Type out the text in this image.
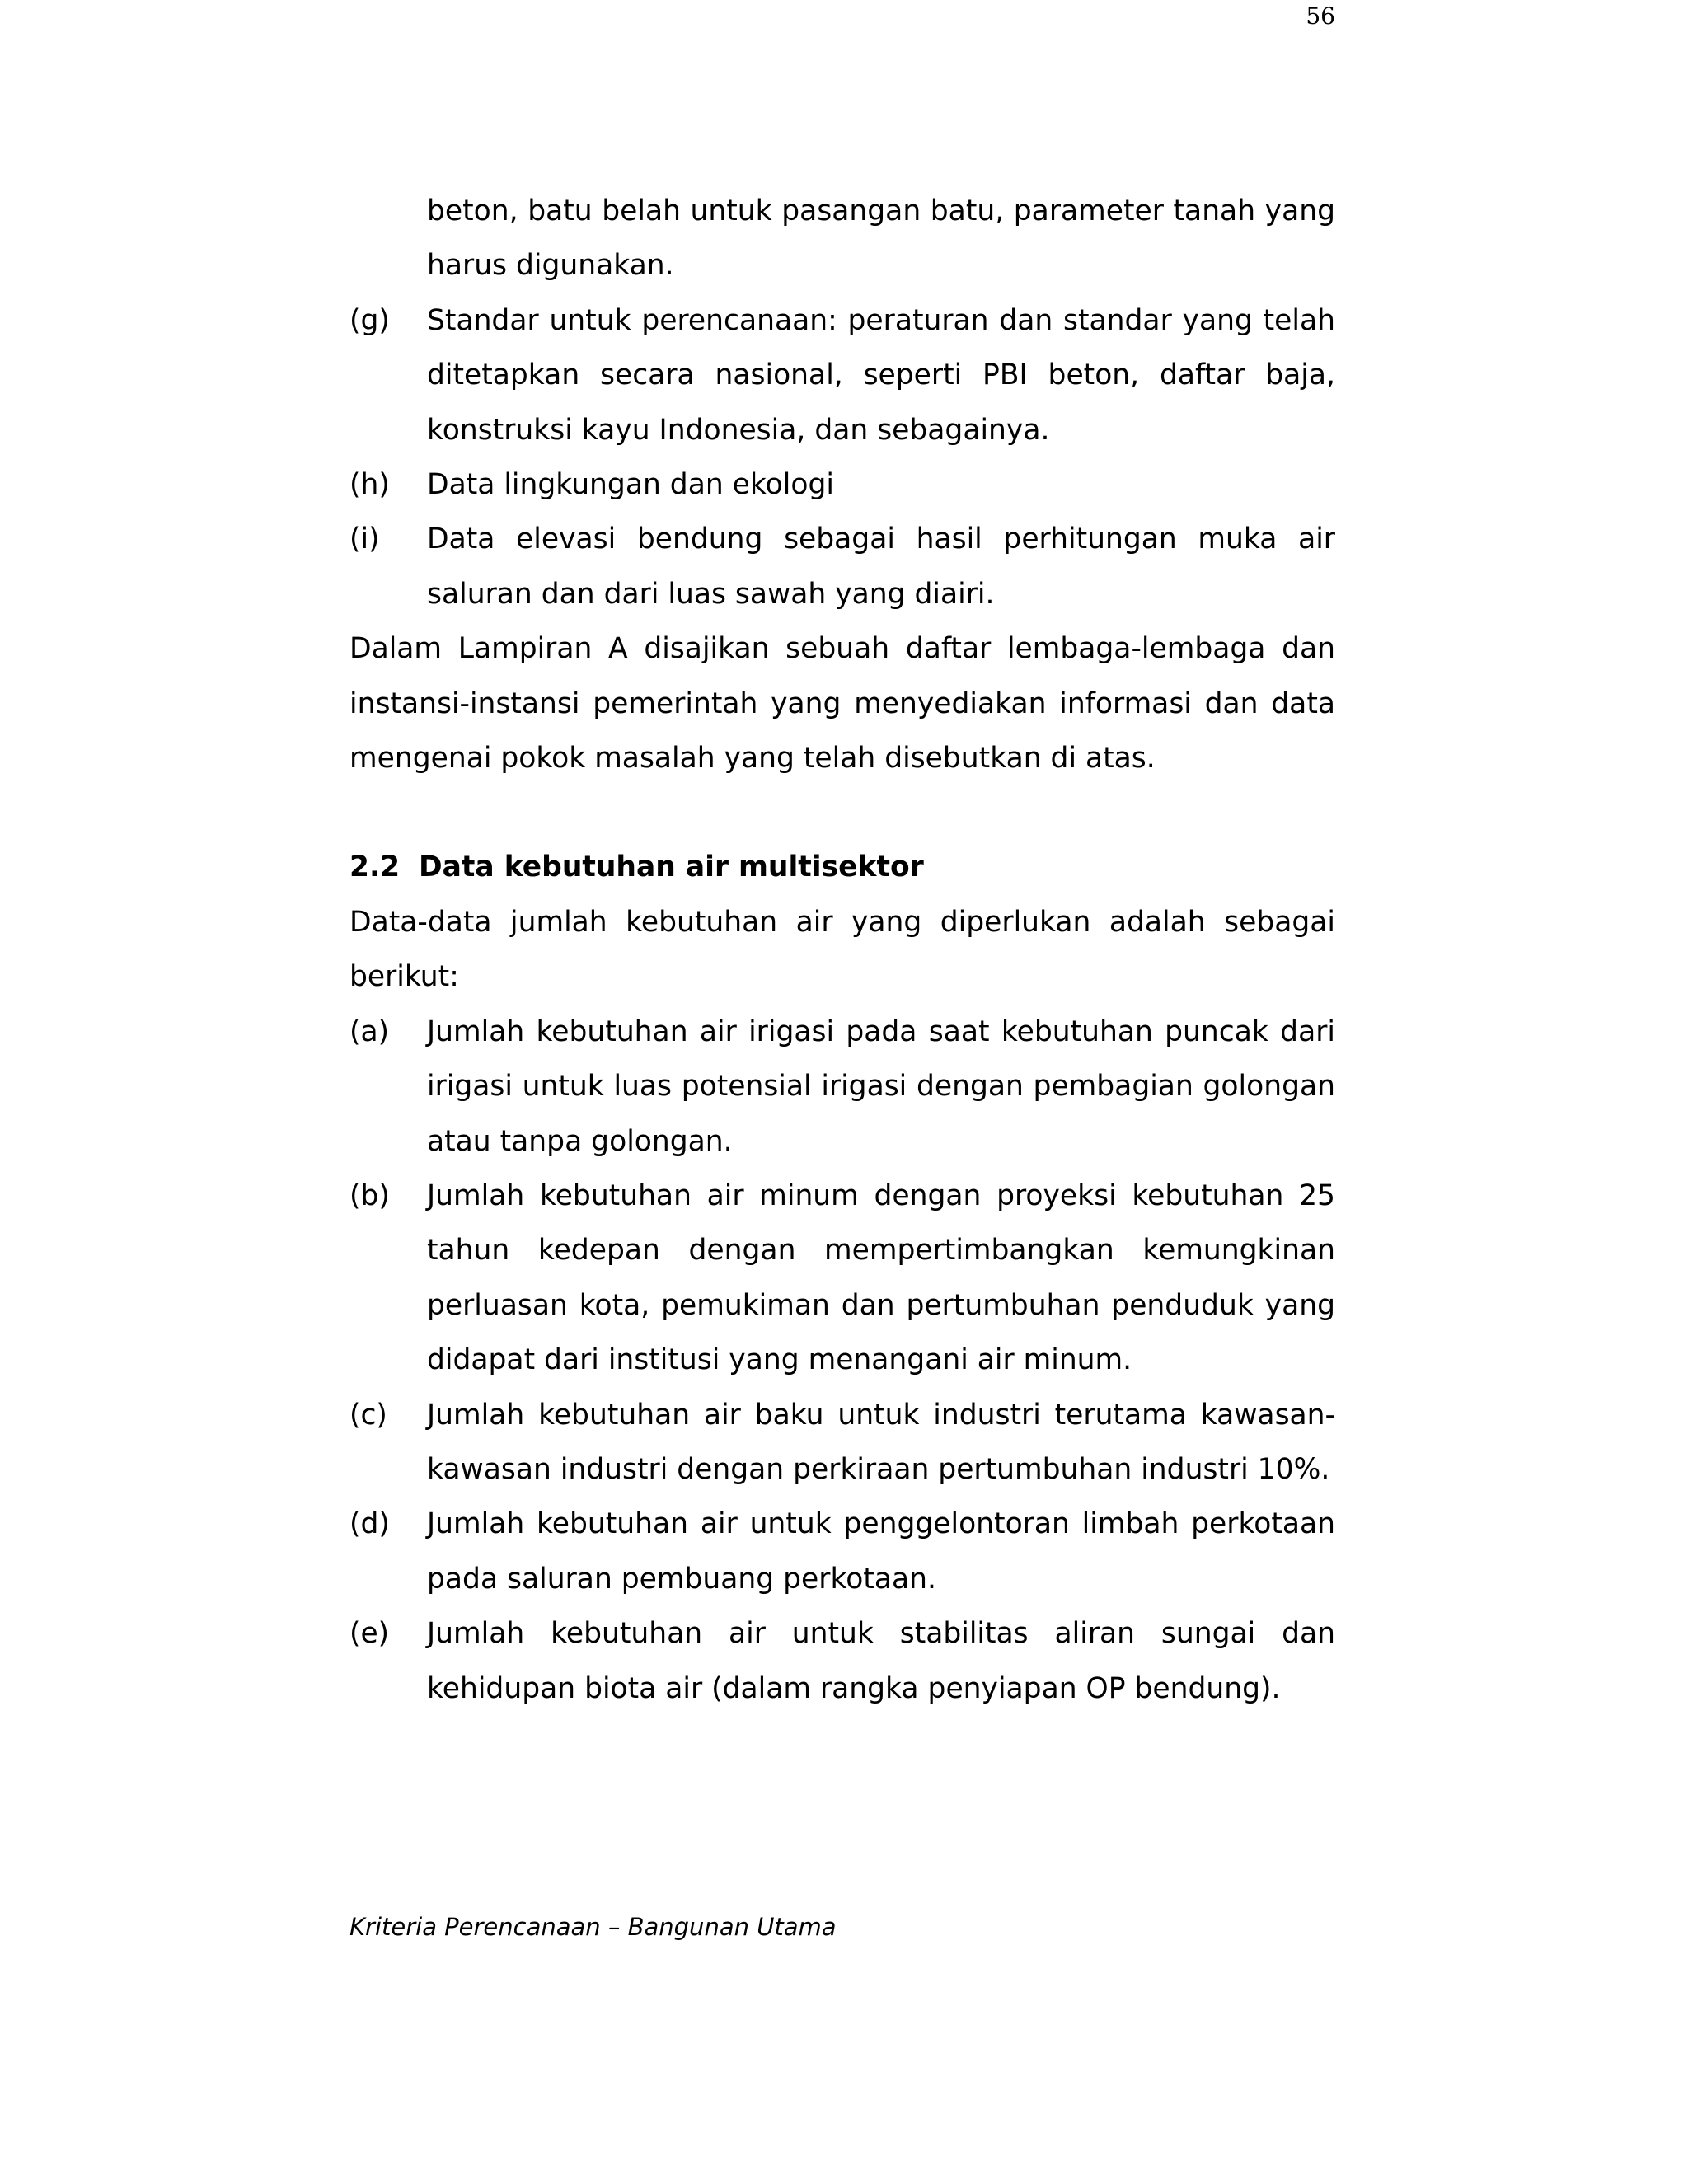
56
beton, batu belah untuk pasangan batu, parameter tanah yang harus digunakan.
(g) Standar untuk perencanaan: peraturan dan standar yang telah ditetapkan secara nasional, seperti PBI beton, daftar baja, konstruksi kayu Indonesia, dan sebagainya.
(h) Data lingkungan dan ekologi
(i) Data elevasi bendung sebagai hasil perhitungan muka air saluran dan dari luas sawah yang diairi.
Dalam Lampiran A disajikan sebuah daftar lembaga-lembaga dan instansi-instansi pemerintah yang menyediakan informasi dan data mengenai pokok masalah yang telah disebutkan di atas.
2.2 Data kebutuhan air multisektor
Data-data jumlah kebutuhan air yang diperlukan adalah sebagai berikut:
(a) Jumlah kebutuhan air irigasi pada saat kebutuhan puncak dari irigasi untuk luas potensial irigasi dengan pembagian golongan atau tanpa golongan.
(b) Jumlah kebutuhan air minum dengan proyeksi kebutuhan 25 tahun kedepan dengan mempertimbangkan kemungkinan perluasan kota, pemukiman dan pertumbuhan penduduk yang didapat dari institusi yang menangani air minum.
(c) Jumlah kebutuhan air baku untuk industri terutama kawasan-kawasan industri dengan perkiraan pertumbuhan industri 10%.
(d) Jumlah kebutuhan air untuk penggelontoran limbah perkotaan pada saluran pembuang perkotaan.
(e) Jumlah kebutuhan air untuk stabilitas aliran sungai dan kehidupan biota air (dalam rangka penyiapan OP bendung).
Kriteria Perencanaan – Bangunan Utama
